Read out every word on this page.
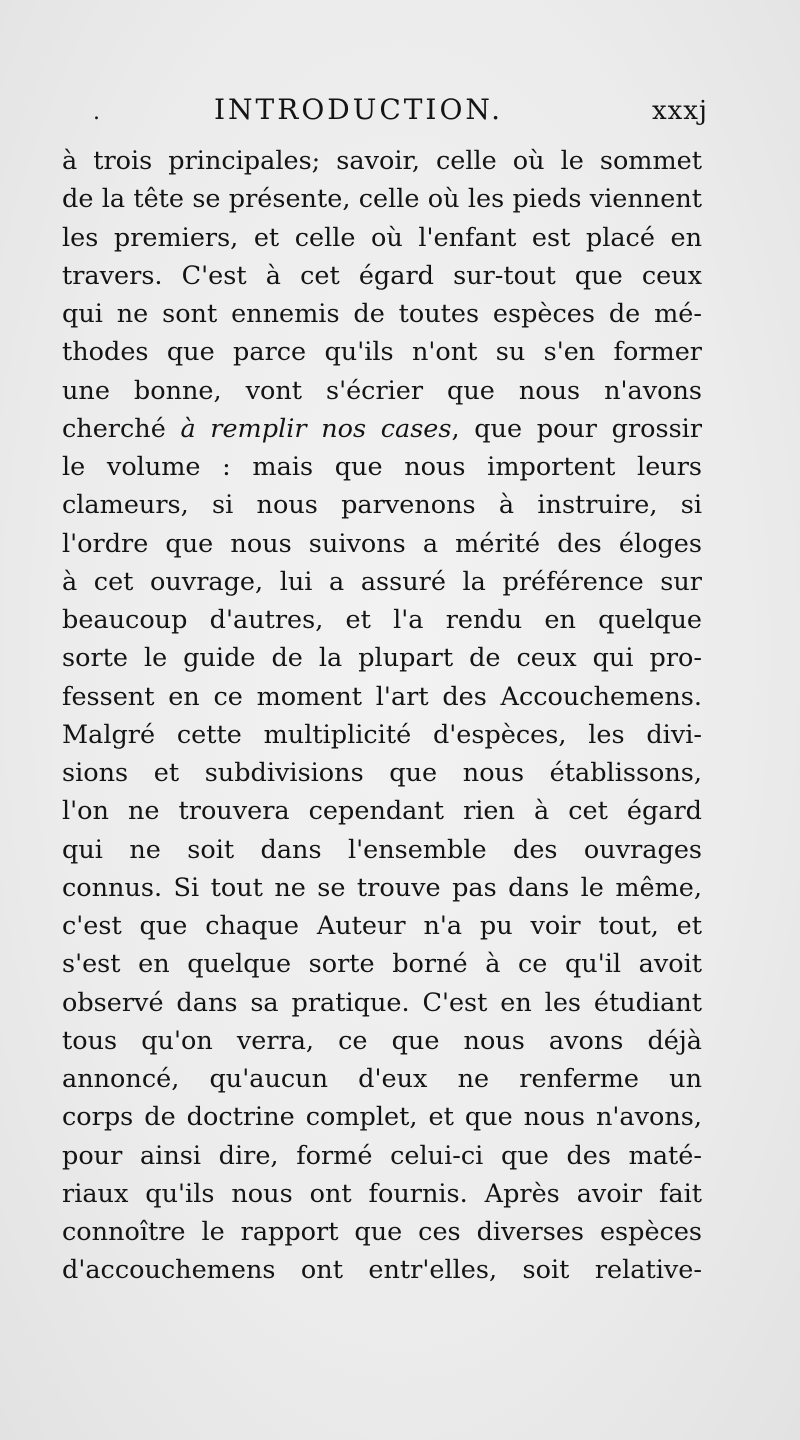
.	INTRODUCTION.	xxxj
à trois principales; savoir, celle où le sommet
de la tête se présente, celle où les pieds viennent
les premiers, et celle où l'enfant est placé en
travers. C'est à cet égard sur-tout que ceux
qui ne sont ennemis de toutes espèces de mé-
thodes que parce qu'ils n'ont su s'en former
une bonne, vont s'écrier que nous n'avons
cherché à remplir nos cases, que pour grossir
le volume : mais que nous importent leurs
clameurs, si nous parvenons à instruire, si
l'ordre que nous suivons a mérité des éloges
à cet ouvrage, lui a assuré la préférence sur
beaucoup d'autres, et l'a rendu en quelque
sorte le guide de la plupart de ceux qui pro-
fessent en ce moment l'art des Accouchemens.
Malgré cette multiplicité d'espèces, les divi-
sions et subdivisions que nous établissons,
l'on ne trouvera cependant rien à cet égard
qui ne soit dans l'ensemble des ouvrages
connus. Si tout ne se trouve pas dans le même,
c'est que chaque Auteur n'a pu voir tout, et
s'est en quelque sorte borné à ce qu'il avoit
observé dans sa pratique. C'est en les étudiant
tous qu'on verra, ce que nous avons déjà
annoncé, qu'aucun d'eux ne renferme un
corps de doctrine complet, et que nous n'avons,
pour ainsi dire, formé celui-ci que des maté-
riaux qu'ils nous ont fournis. Après avoir fait
connoître le rapport que ces diverses espèces
d'accouchemens ont entr'elles, soit relative-
